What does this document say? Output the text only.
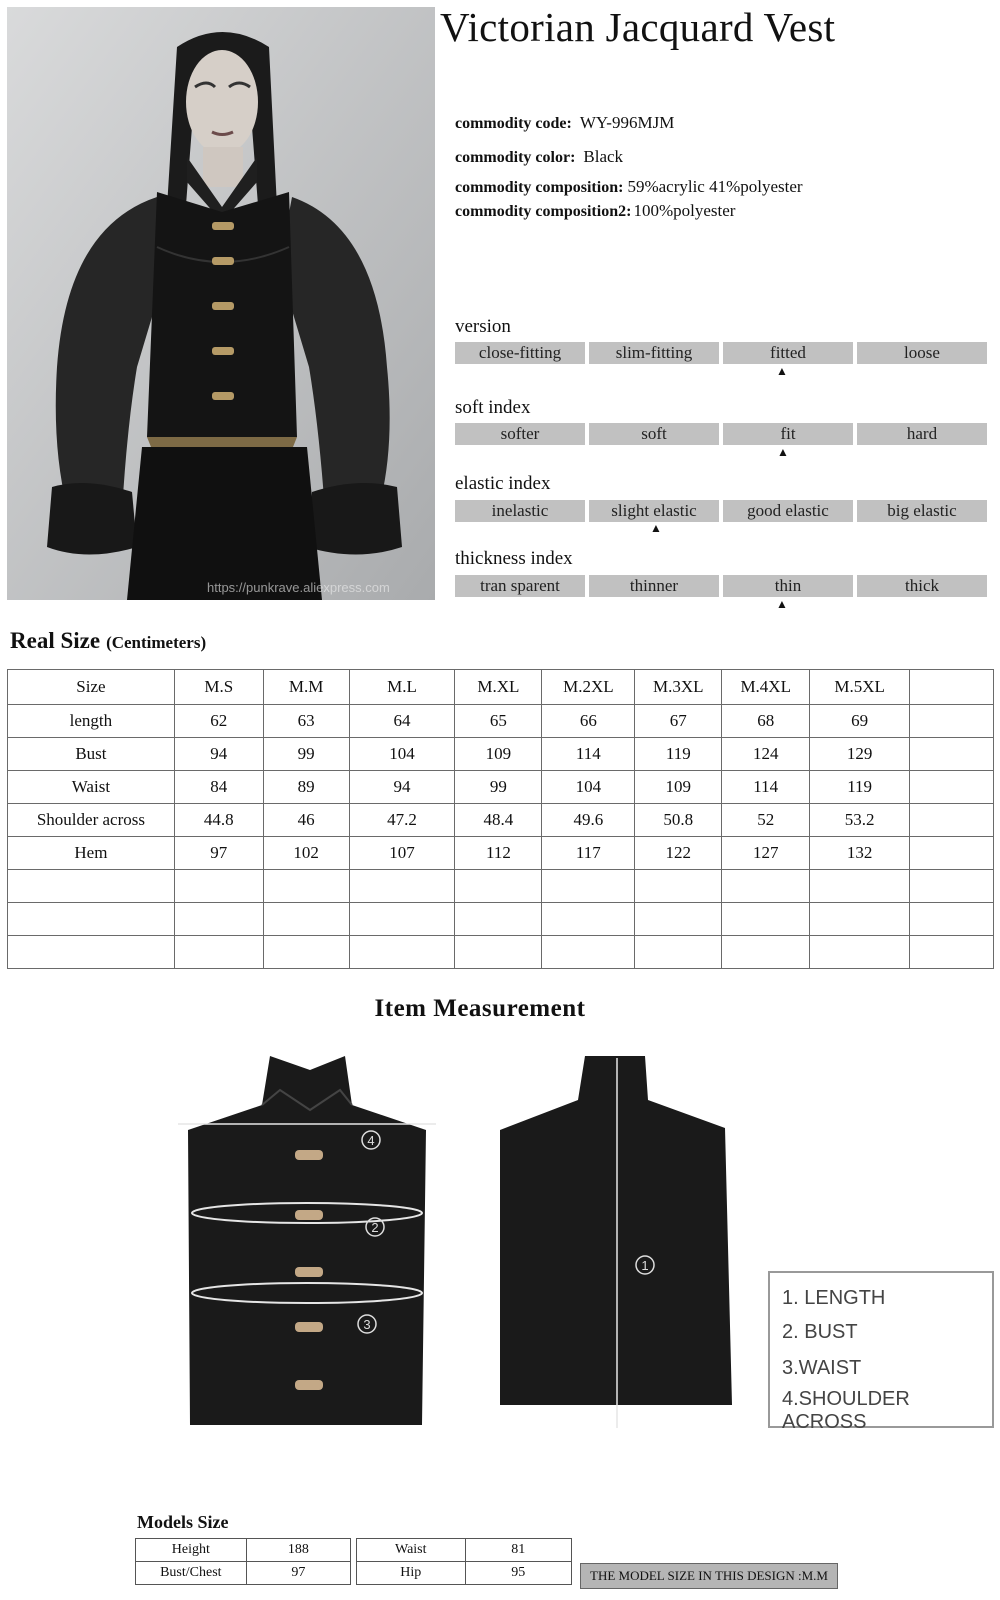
https://punkrave.aliexpress.com
Victorian Jacquard Vest
commodity code: WY-996MJM
commodity color: Black
commodity composition: 59%acrylic 41%polyester
commodity composition2: 100%polyester
version
close-fitting	slim-fitting	fitted	loose
▲
soft index
softer	soft	fit	hard
▲
elastic index
inelastic	slight elastic	good elastic	big elastic
▲
thickness index
tran sparent	thinner	thin	thick
▲
Real Size (Centimeters)
Size	M.S	M.M	M.L	M.XL	M.2XL	M.3XL	M.4XL	M.5XL	
length	62	63	64	65	66	67	68	69	
Bust	94	99	104	109	114	119	124	129	
Waist	84	89	94	99	104	109	114	119	
Shoulder across	44.8	46	47.2	48.4	49.6	50.8	52	53.2	
Hem	97	102	107	112	117	122	127	132	

Item Measurement
4
2
3
1
1. LENGTH
2. BUST
3.WAIST
4.SHOULDER ACROSS
Models Size
Height	188
Bust/Chest	97
Waist	81
Hip	95	THE MODEL SIZE IN THIS DESIGN :M.M
